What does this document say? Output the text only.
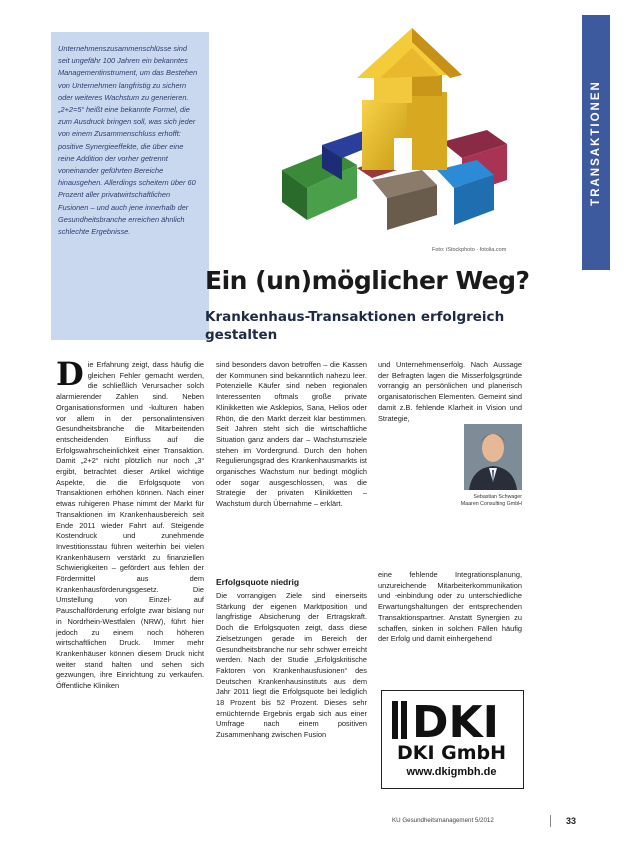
TRANSAKTIONEN
Unternehmenszusammenschlüsse sind seit ungefähr 100 Jahren ein bekanntes Managementinstrument, um das Bestehen von Unternehmen langfristig zu sichern oder weiteres Wachstum zu generieren. „2+2=5“ heißt eine bekannte Formel, die zum Ausdruck bringen soll, was sich jeder von einem Zusammenschluss erhofft: positive Synergieeffekte, die über eine reine Addition der vorher getrennt voneinander geführten Bereiche hinausgehen. Allerdings scheitern über 60 Prozent aller privatwirtschaftlichen Fusionen – und auch jene innerhalb der Gesundheitsbranche erreichen ähnlich schlechte Ergebnisse.
Foto: iStockphoto · fotolia.com
Ein (un)möglicher Weg?
Krankenhaus-Transaktionen erfolgreich gestalten
D ie Erfahrung zeigt, dass häufig die gleichen Fehler gemacht werden, die schließlich Verursacher solch alarmierender Zahlen sind. Neben Organisationsformen und -kulturen haben vor allem in der personalintensiven Gesundheitsbranche die Mitarbeitenden entscheidenden Einfluss auf die Erfolgswahrscheinlichkeit einer Transaktion. Damit „2+2“ nicht plötzlich nur noch „3“ ergibt, betrachtet dieser Artikel wichtige Aspekte, die die Erfolgsquote von Transaktionen erhöhen können. Nach einer etwas ruhigeren Phase nimmt der Markt für Transaktionen im Krankenhausbereich seit Ende 2011 wieder Fahrt auf. Steigende Kostendruck und zunehmende Investitionsstau führen weiterhin bei vielen Krankenhäusern verstärkt zu finanziellen Schwierigkeiten – gefördert aus fehlen der Fördermittel aus dem Krankenhausförderungsgesetz. Die Umstellung von Einzel- auf Pauschalförderung erfolgte zwar bislang nur in Nordrhein-Westfalen (NRW), führt hier jedoch zu einem noch höheren wirtschaftlichen Druck. Immer mehr Krankenhäuser können diesem Druck nicht weiter stand halten und sehen sich gezwungen, ihre Einrichtung zu verkaufen. Öffentliche Kliniken

sind besonders davon betroffen – die Kassen der Kommunen sind bekanntlich nahezu leer. Potenzielle Käufer sind neben regionalen Interessenten oftmals große private Klinikketten wie Asklepios, Sana, Helios oder Rhön, die den Markt derzeit klar bestimmen. Seit Jahren steht sich die wirtschaftliche Situation ganz anders dar – Wachstumsziele stehen im Vordergrund. Durch den hohen Regulierungsgrad des Krankenhausmarkts ist organisches Wachstum nur bedingt möglich oder sogar ausgeschlossen, was die Strategie der privaten Klinikketten – Wachstum durch Übernahme – erklärt.

Erfolgsquote niedrig

Die vorrangigen Ziele sind einerseits Stärkung der eigenen Marktposition und langfristige Absicherung der Ertragskraft. Doch die Erfolgsquoten zeigt, dass diese Zielsetzungen gerade im Bereich der Gesundheitsbranche nur sehr schwer erreicht werden. Nach der Studie „Erfolgskritische Faktoren von Krankenhausfusionen“ des Deutschen Krankenhausinstituts aus dem Jahr 2011 liegt die Erfolgsquote bei lediglich 18 Prozent bis 52 Prozent. Dieses sehr ernüchternde Ergebnis ergab sich aus einer Umfrage nach einem positiven Zusammenhang zwischen Fusion

und Unternehmenserfolg. Nach Aussage der Befragten lagen die Misserfolgsgründe vorrangig an persönlichen und planerisch organisatorischen Elementen. Gemeint sind damit z.B. fehlende Klarheit in Vision und Strategie,

Sebastian Schwager
Maaren Consulting GmbH

eine fehlende Integrationsplanung, unzureichende Mitarbeiterkommunikation und -einbindung oder zu unterschiedliche Erwartungshaltungen der entsprechenden Transaktionspartner. Anstatt Synergien zu schaffen, sinken in solchen Fällen häufig der Erfolg und damit einhergehend

DKI
DKI GmbH
www.dkigmbh.de
KU Gesundheitsmanagement 5/2012	33
